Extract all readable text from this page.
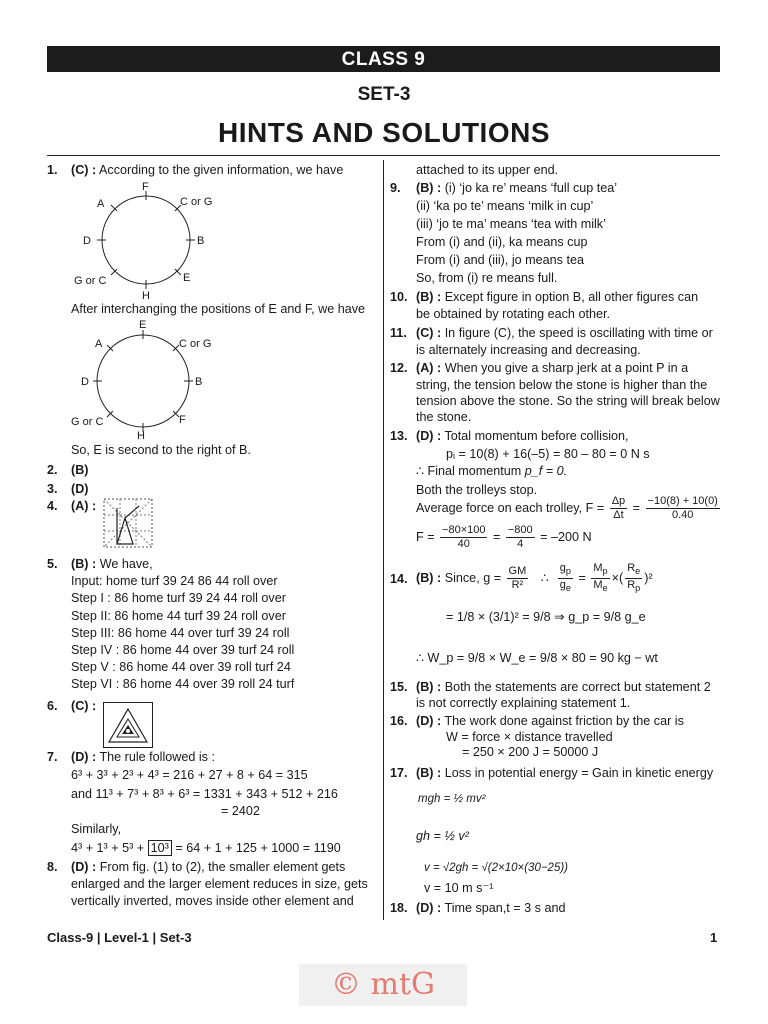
CLASS 9
SET-3
HINTS AND SOLUTIONS
1. (C) : According to the given information, we have
F
C or G
A
D	B
G or C	E
H
After interchanging the positions of E and F, we have
E
A	C or G
D	B
G or C	F
H
So, E is second to the right of B.
2. (B)
3. (D)
4. (A) :
5. (B) : We have,
Input: home turf 39 24 86 44 roll over
Step I : 86 home turf 39 24 44 roll over
Step II: 86 home 44 turf 39 24 roll over
Step III: 86 home 44 over turf 39 24 roll
Step IV : 86 home 44 over 39 turf 24 roll
Step V : 86 home 44 over 39 roll turf 24
Step VI : 86 home 44 over 39 roll 24 turf
6. (C) :
7. (D) : The rule followed is :
6³ + 3³ + 2³ + 4³ = 216 + 27 + 8 + 64 = 315
and 11³ + 7³ + 8³ + 6³ = 1331 + 343 + 512 + 216
= 2402
Similarly,
4³ + 1³ + 5³ + 10³ = 64 + 1 + 125 + 1000 = 1190
8. (D) : From fig. (1) to (2), the smaller element gets
enlarged and the larger element reduces in size, gets
vertically inverted, moves inside other element and
attached to its upper end.
9. (B) : (i) ‘jo ka re’ means ‘full cup tea’
(ii) ‘ka po te’ means ‘milk in cup’
(iii) ‘jo te ma’ means ‘tea with milk’
From (i) and (ii), ka means cup
From (i) and (iii), jo means tea
So, from (i) re means full.
10. (B) : Except figure in option B, all other figures can
be obtained by rotating each other.
11. (C) : In figure (C), the speed is oscillating with time or
is alternately increasing and decreasing.
12. (A) : When you give a sharp jerk at a point P in a
string, the tension below the stone is higher than the
tension above the stone. So the string will break below
the stone.
13. (D) : Total momentum before collision,
pᵢ = 10(8) + 16(–5) = 80 – 80 = 0 N s
∴ Final momentum p_f = 0.
Both the trolleys stop.
Average force on each trolley, $F = \frac{\Delta p}{\Delta t} = \frac{-10(8) + 10(0)}{0.40}$
$F = \frac{-80\times 100}{40} = \frac{-800}{4} = -200$ N
14. (B) : Since, $g = \frac{GM}{\text{R²}}$ ∴ $\frac{g_p}{g_e} = \frac{M_p}{M_e}$ ×( $\frac{R_e}{R_p} )^2$
= 1/8 × (3/1)² = 9/8 ⇒ g_p = 9/8 g_e
∴ W_p = 9/8 × W_e = 9/8 × 80 = 90 kg − wt
15. (B) : Both the statements are correct but statement 2
is not correctly explaining statement 1.
16. (D) : The work done against friction by the car is
W = force × distance travelled
= 250 × 200 J = 50000 J
17. (B) : Loss in potential energy = Gain in kinetic energy
mgh = ½ mv²
gh = ½ v²
v = √2gh = √(2×10×(30−25))
v = 10 m s⁻¹
18. (D) : Time span,t = 3 s and
Class-9 | Level-1 | Set-3	1
© mtG
